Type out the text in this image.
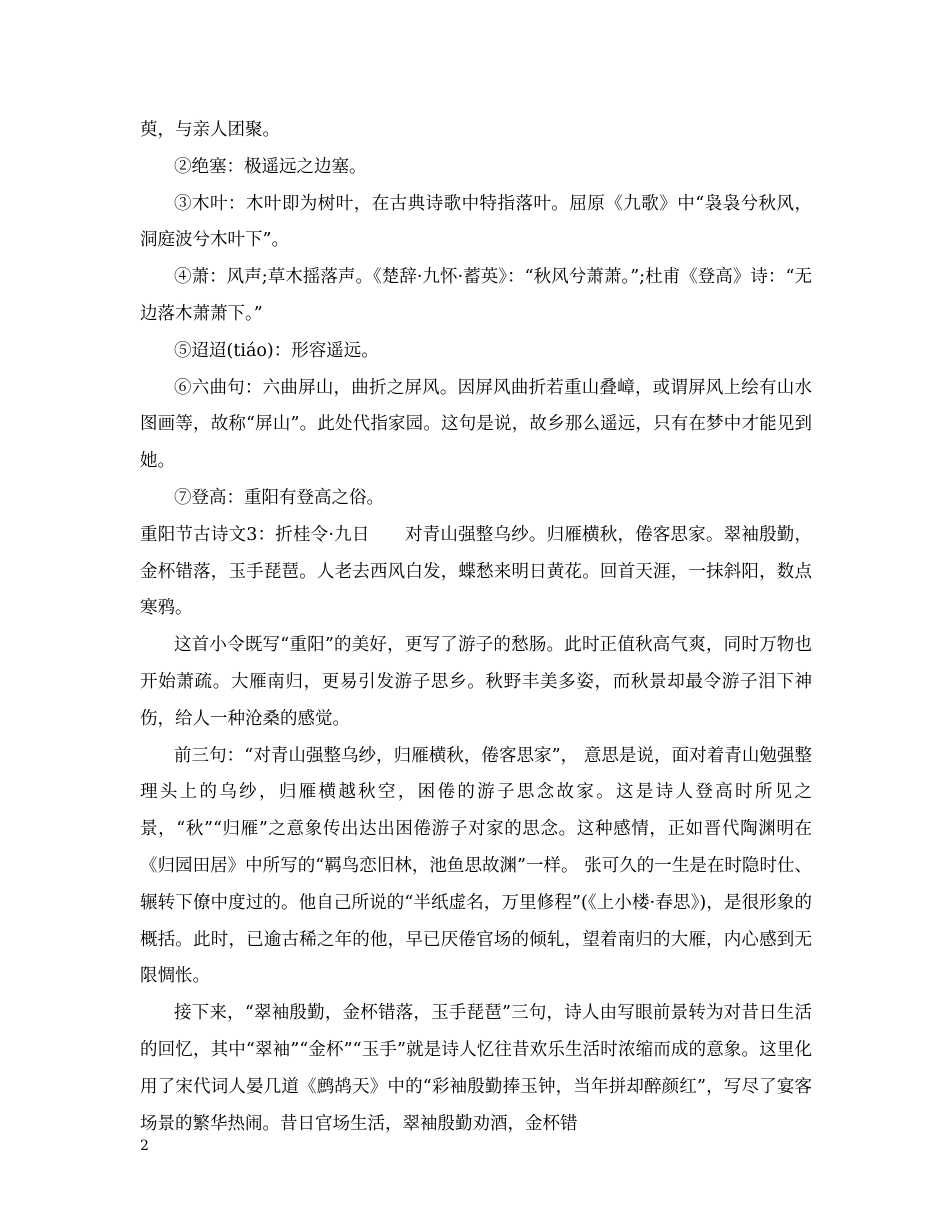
萸，与亲人团聚。

②绝塞：极遥远之边塞。

③木叶：木叶即为树叶，在古典诗歌中特指落叶。屈原《九歌》中“袅袅兮秋风，洞庭波兮木叶下”。

④萧：风声;草木摇落声。《楚辞·九怀·蓄英》：“秋风兮萧萧。”;杜甫《登高》诗：“无边落木萧萧下。”

⑤迢迢(tiáo)：形容遥远。

⑥六曲句：六曲屏山，曲折之屏风。因屏风曲折若重山叠嶂，或谓屏风上绘有山水图画等，故称“屏山”。此处代指家园。这句是说，故乡那么遥远，只有在梦中才能见到她。

⑦登高：重阳有登高之俗。

重阳节古诗文3：折桂令·九日　　对青山强整乌纱。归雁横秋，倦客思家。翠袖殷勤，金杯错落，玉手琵琶。人老去西风白发，蝶愁来明日黄花。回首天涯，一抹斜阳，数点寒鸦。

这首小令既写“重阳”的美好，更写了游子的愁肠。此时正值秋高气爽，同时万物也开始萧疏。大雁南归，更易引发游子思乡。秋野丰美多姿，而秋景却最令游子泪下神伤，给人一种沧桑的感觉。

前三句：“对青山强整乌纱，归雁横秋，倦客思家”， 意思是说，面对着青山勉强整理头上的乌纱，归雁横越秋空，困倦的游子思念故家。这是诗人登高时所见之景，“秋”“归雁”之意象传出达出困倦游子对家的思念。这种感情，正如晋代陶渊明在《归园田居》中所写的“羁鸟恋旧林，池鱼思故渊”一样。 张可久的一生是在时隐时仕、辗转下僚中度过的。他自己所说的“半纸虚名，万里修程”(《上小楼·春思》)，是很形象的概括。此时，已逾古稀之年的他，早已厌倦官场的倾轧，望着南归的大雁，内心感到无限惆怅。

接下来，“翠袖殷勤，金杯错落，玉手琵琶”三句，诗人由写眼前景转为对昔日生活的回忆，其中“翠袖”“金杯”“玉手”就是诗人忆往昔欢乐生活时浓缩而成的意象。这里化用了宋代词人晏几道《鹧鸪天》中的“彩袖殷勤捧玉钟，当年拼却醉颜红”，写尽了宴客场景的繁华热闹。昔日官场生活，翠袖殷勤劝酒，金杯错

2
